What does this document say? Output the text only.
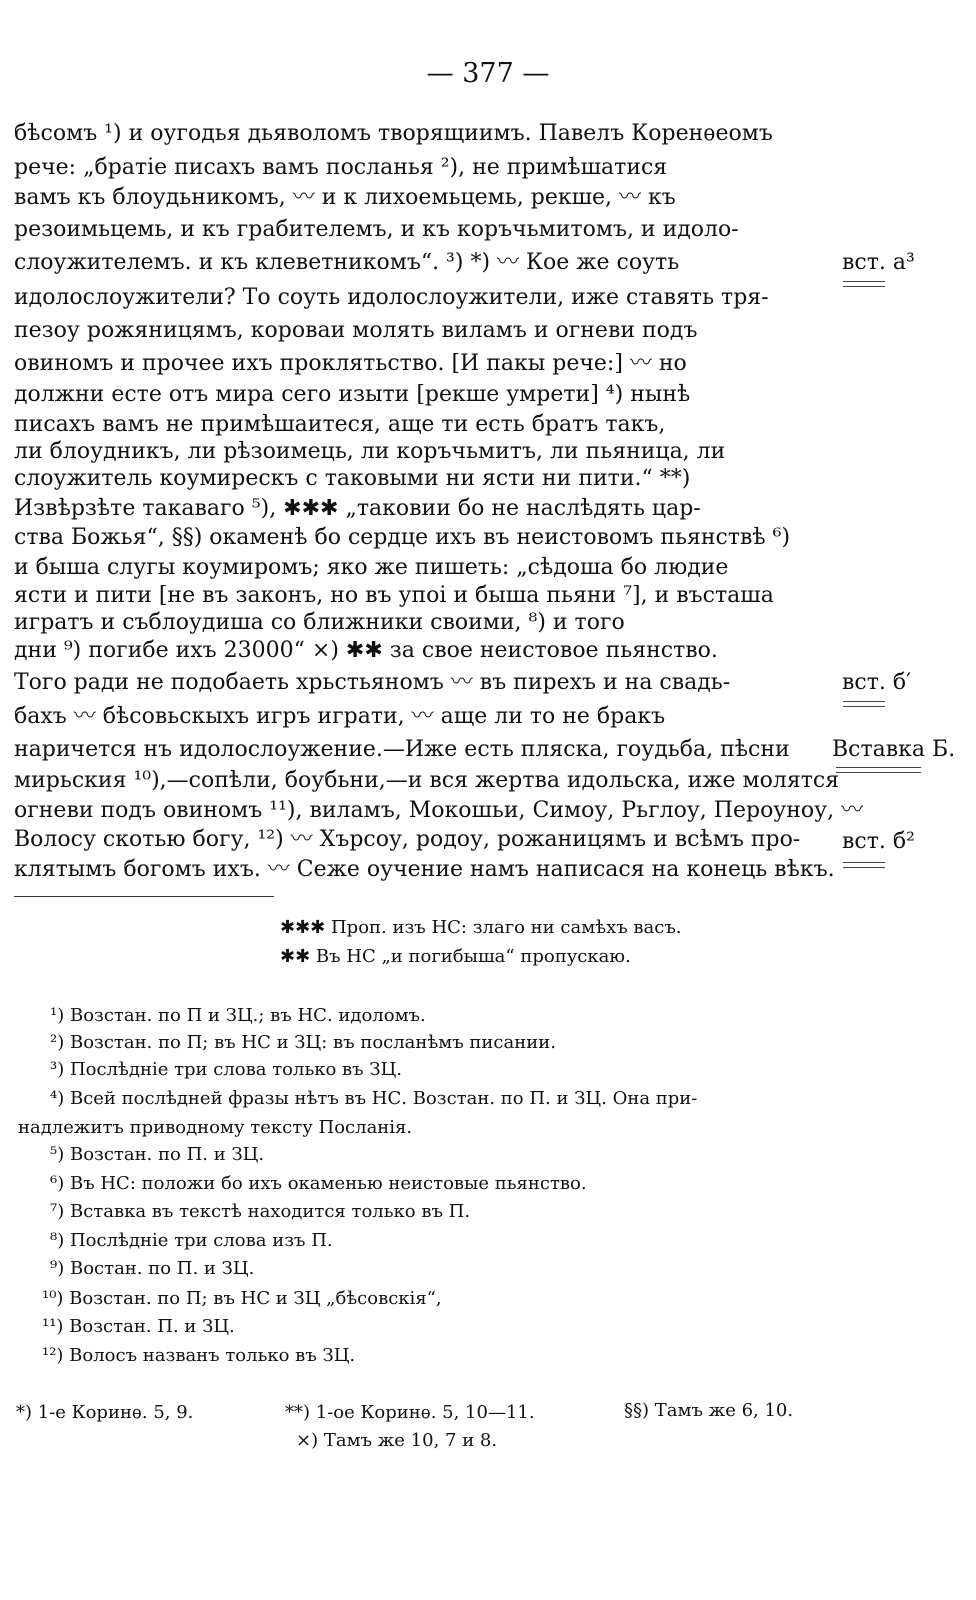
— 377 —
бѣсомъ ¹) и оугодья дьяволомъ творящиимъ. Павелъ Коренѳеомъ
рече: „братіе писахъ вамъ посланья ²), не примѣшатися
вамъ къ блоудьникомъ, 〰 и к лихоемьцемь, рекше, 〰 къ
резоимьцемь, и къ грабителемъ, и къ коръчьмитомъ, и идоло-
слоужителемъ. и къ клеветникомъ“. ³) *) 〰 Кое же соуть
идолослоужители? То соуть идолослоужители, иже ставять тря-
пезоу рожяницямъ, короваи молять виламъ и огневи подъ
овиномъ и прочее ихъ проклятьство. [И пакы рече:] 〰 но
должни есте отъ мира сего изыти [рекше умрети] ⁴) нынѣ
писахъ вамъ не примѣшаитеся, аще ти есть братъ такъ,
ли блоудникъ, ли рѣзоимець, ли коръчьмитъ, ли пьяница, ли
слоужитель коумирескъ с таковыми ни ясти ни пити.“ **)
Извѣрзѣте такаваго ⁵), ✱✱✱ „таковии бо не наслѣдять цар-
ства Божья“, §§) окаменѣ бо сердце ихъ въ неистовомъ пьянствѣ ⁶)
и быша слугы коумиромъ; яко же пишеть: „сѣдоша бо людие
ясти и пити [не въ законъ, но въ упоі и быша пьяни ⁷], и въсташа
игратъ и съблоудиша со ближники своими, ⁸) и того
дни ⁹) погибе ихъ 23000“ ×) ✱✱ за свое неистовое пьянство.
Того ради не подобаеть хрьстьяномъ 〰 въ пирехъ и на свадь-
бахъ 〰 бѣсовьскыхъ игръ играти, 〰 аще ли то не бракъ
наричется нъ идолослоужение.—Иже есть пляска, гоудьба, пѣсни
мирьския ¹⁰),—сопѣли, боубьни,—и вся жертва идольска, иже молятся
огневи подъ овиномъ ¹¹), виламъ, Мокошьи, Симоу, Рьглоу, Пероуноу, 〰
Волосу скотью богу, ¹²) 〰 Хърсоу, родоу, рожаницямъ и всѣмъ про-
клятымъ богомъ ихъ. 〰 Сеже оучение намъ написася на конець вѣкъ.
вст. а³
вст. б′
Вставка Б.
вст. б²
✱✱✱ Проп. изъ НС: злаго ни самѣхъ васъ.
✱✱ Въ НС „и погибыша“ пропускаю.
¹) Возстан. по П и ЗЦ.; въ НС. идоломъ.
²) Возстан. по П; въ НС и ЗЦ: въ посланѣмъ писании.
³) Послѣдніе три слова только въ ЗЦ.
⁴) Всей послѣдней фразы нѣтъ въ НС. Возстан. по П. и ЗЦ. Она при-
надлежитъ приводному тексту Посланія.
⁵) Возстан. по П. и ЗЦ.
⁶) Въ НС: положи бо ихъ окаменью неистовые пьянство.
⁷) Вставка въ текстѣ находится только въ П.
⁸) Послѣдніе три слова изъ П.
⁹) Востан. по П. и ЗЦ.
¹⁰) Возстан. по П; въ НС и ЗЦ „бѣсовскія“,
¹¹) Возстан. П. и ЗЦ.
¹²) Волосъ названъ только въ ЗЦ.
*) 1-е Коринѳ. 5, 9.	**) 1-ое Коринѳ. 5, 10—11.	§§) Тамъ же 6, 10.
×) Тамъ же 10, 7 и 8.
